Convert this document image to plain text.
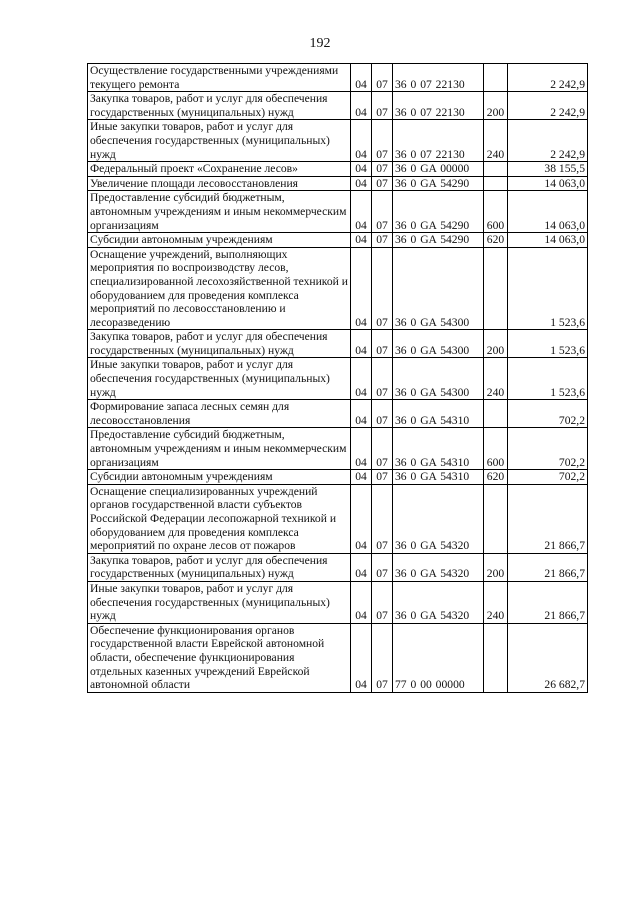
192
Осуществление государственными учреждениями текущего ремонта	04	07	36 0 07 22130		2 242,9
Закупка товаров, работ и услуг для обеспечения государственных (муниципальных) нужд	04	07	36 0 07 22130	200	2 242,9
Иные закупки товаров, работ и услуг для обеспечения государственных (муниципальных) нужд	04	07	36 0 07 22130	240	2 242,9
Федеральный проект «Сохранение лесов»	04	07	36 0 GA 00000		38 155,5
Увеличение площади лесовосстановления	04	07	36 0 GA 54290		14 063,0
Предоставление субсидий бюджетным, автономным учреждениям и иным некоммерческим организациям	04	07	36 0 GA 54290	600	14 063,0
Субсидии автономным учреждениям	04	07	36 0 GA 54290	620	14 063,0
Оснащение учреждений, выполняющих мероприятия по воспроизводству лесов, специализированной лесохозяйственной техникой и оборудованием для проведения комплекса мероприятий по лесовосстановлению и лесоразведению	04	07	36 0 GA 54300		1 523,6
Закупка товаров, работ и услуг для обеспечения государственных (муниципальных) нужд	04	07	36 0 GA 54300	200	1 523,6
Иные закупки товаров, работ и услуг для обеспечения государственных (муниципальных) нужд	04	07	36 0 GA 54300	240	1 523,6
Формирование запаса лесных семян для лесовосстановления	04	07	36 0 GA 54310		702,2
Предоставление субсидий бюджетным, автономным учреждениям и иным некоммерческим организациям	04	07	36 0 GA 54310	600	702,2
Субсидии автономным учреждениям	04	07	36 0 GA 54310	620	702,2
Оснащение специализированных учреждений органов государственной власти субъектов Российской Федерации лесопожарной техникой и оборудованием для проведения комплекса мероприятий по охране лесов от пожаров	04	07	36 0 GA 54320		21 866,7
Закупка товаров, работ и услуг для обеспечения государственных (муниципальных) нужд	04	07	36 0 GA 54320	200	21 866,7
Иные закупки товаров, работ и услуг для обеспечения государственных (муниципальных) нужд	04	07	36 0 GA 54320	240	21 866,7
Обеспечение функционирования органов государственной власти Еврейской автономной области, обеспечение функционирования отдельных казенных учреждений Еврейской автономной области	04	07	77 0 00 00000		26 682,7
